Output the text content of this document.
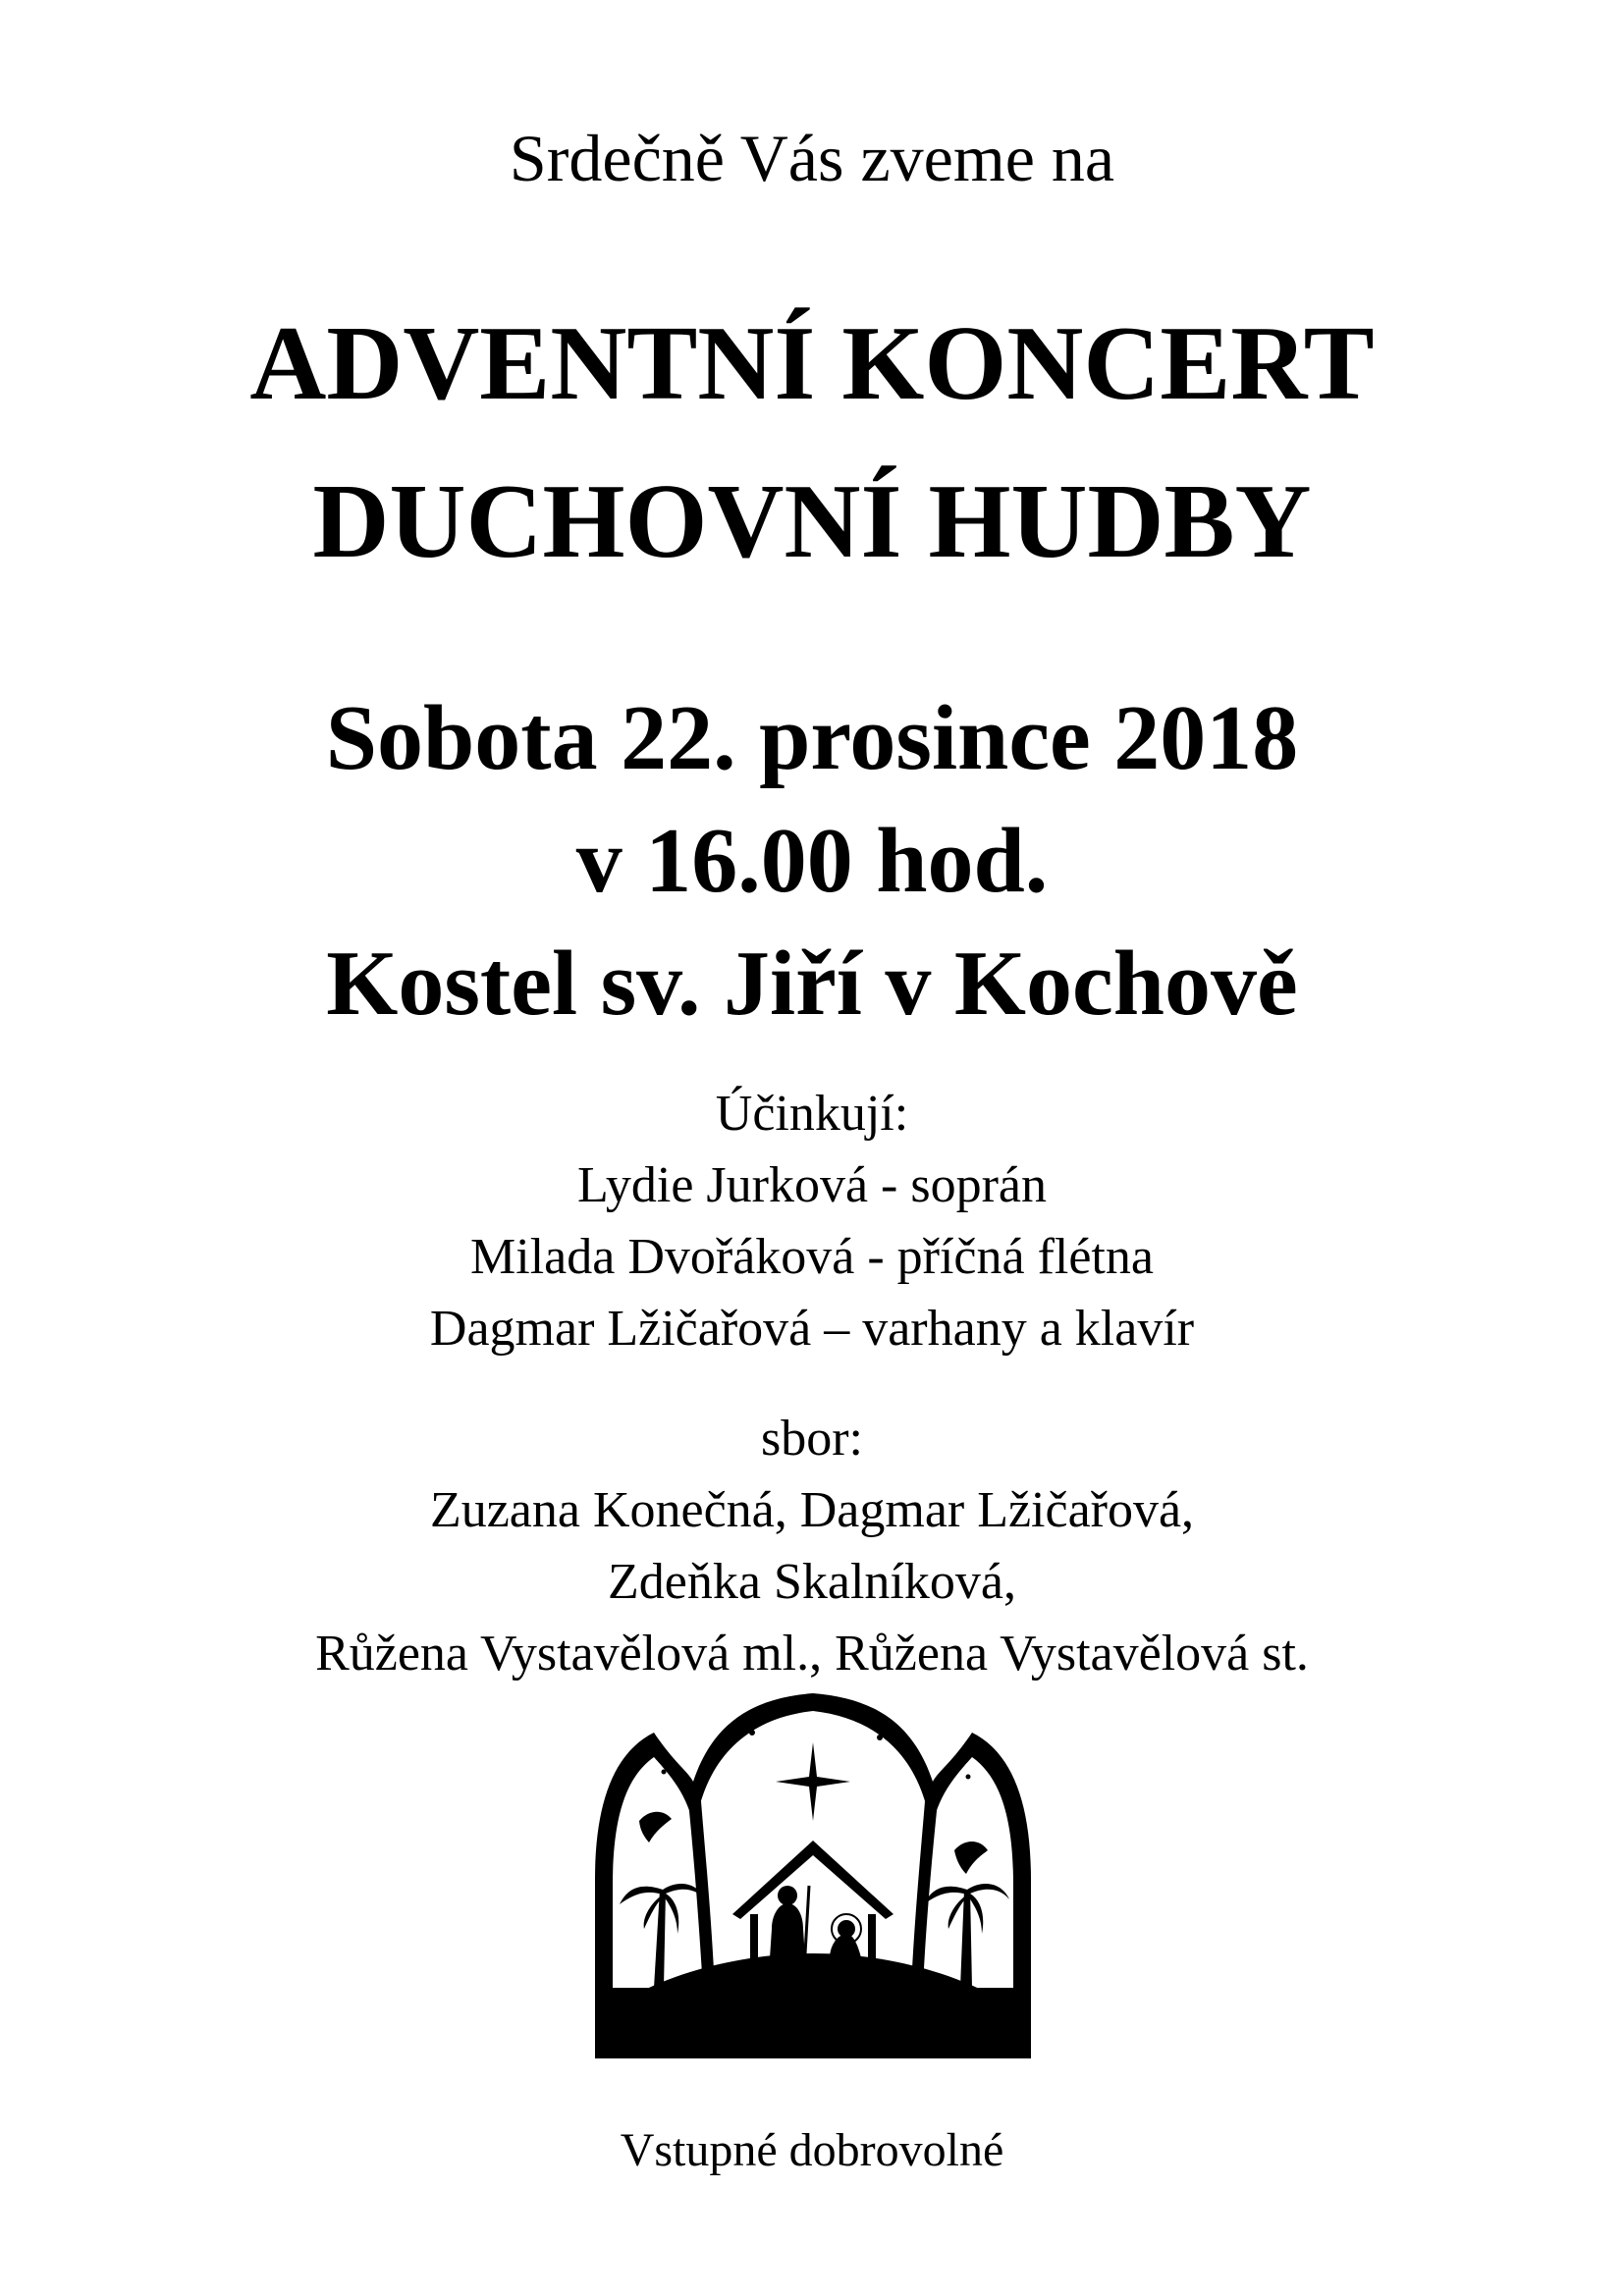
Srdečně Vás zveme na
ADVENTNÍ KONCERT
DUCHOVNÍ HUDBY
Sobota 22. prosince 2018
v 16.00 hod.
Kostel sv. Jiří v Kochově
Účinkují:
Lydie Jurková - soprán
Milada Dvořáková - příčná flétna
Dagmar Lžičařová – varhany a klavír
sbor:
Zuzana Konečná, Dagmar Lžičařová,
Zdeňka Skalníková,
Růžena Vystavělová ml., Růžena Vystavělová st.
Vstupné dobrovolné
